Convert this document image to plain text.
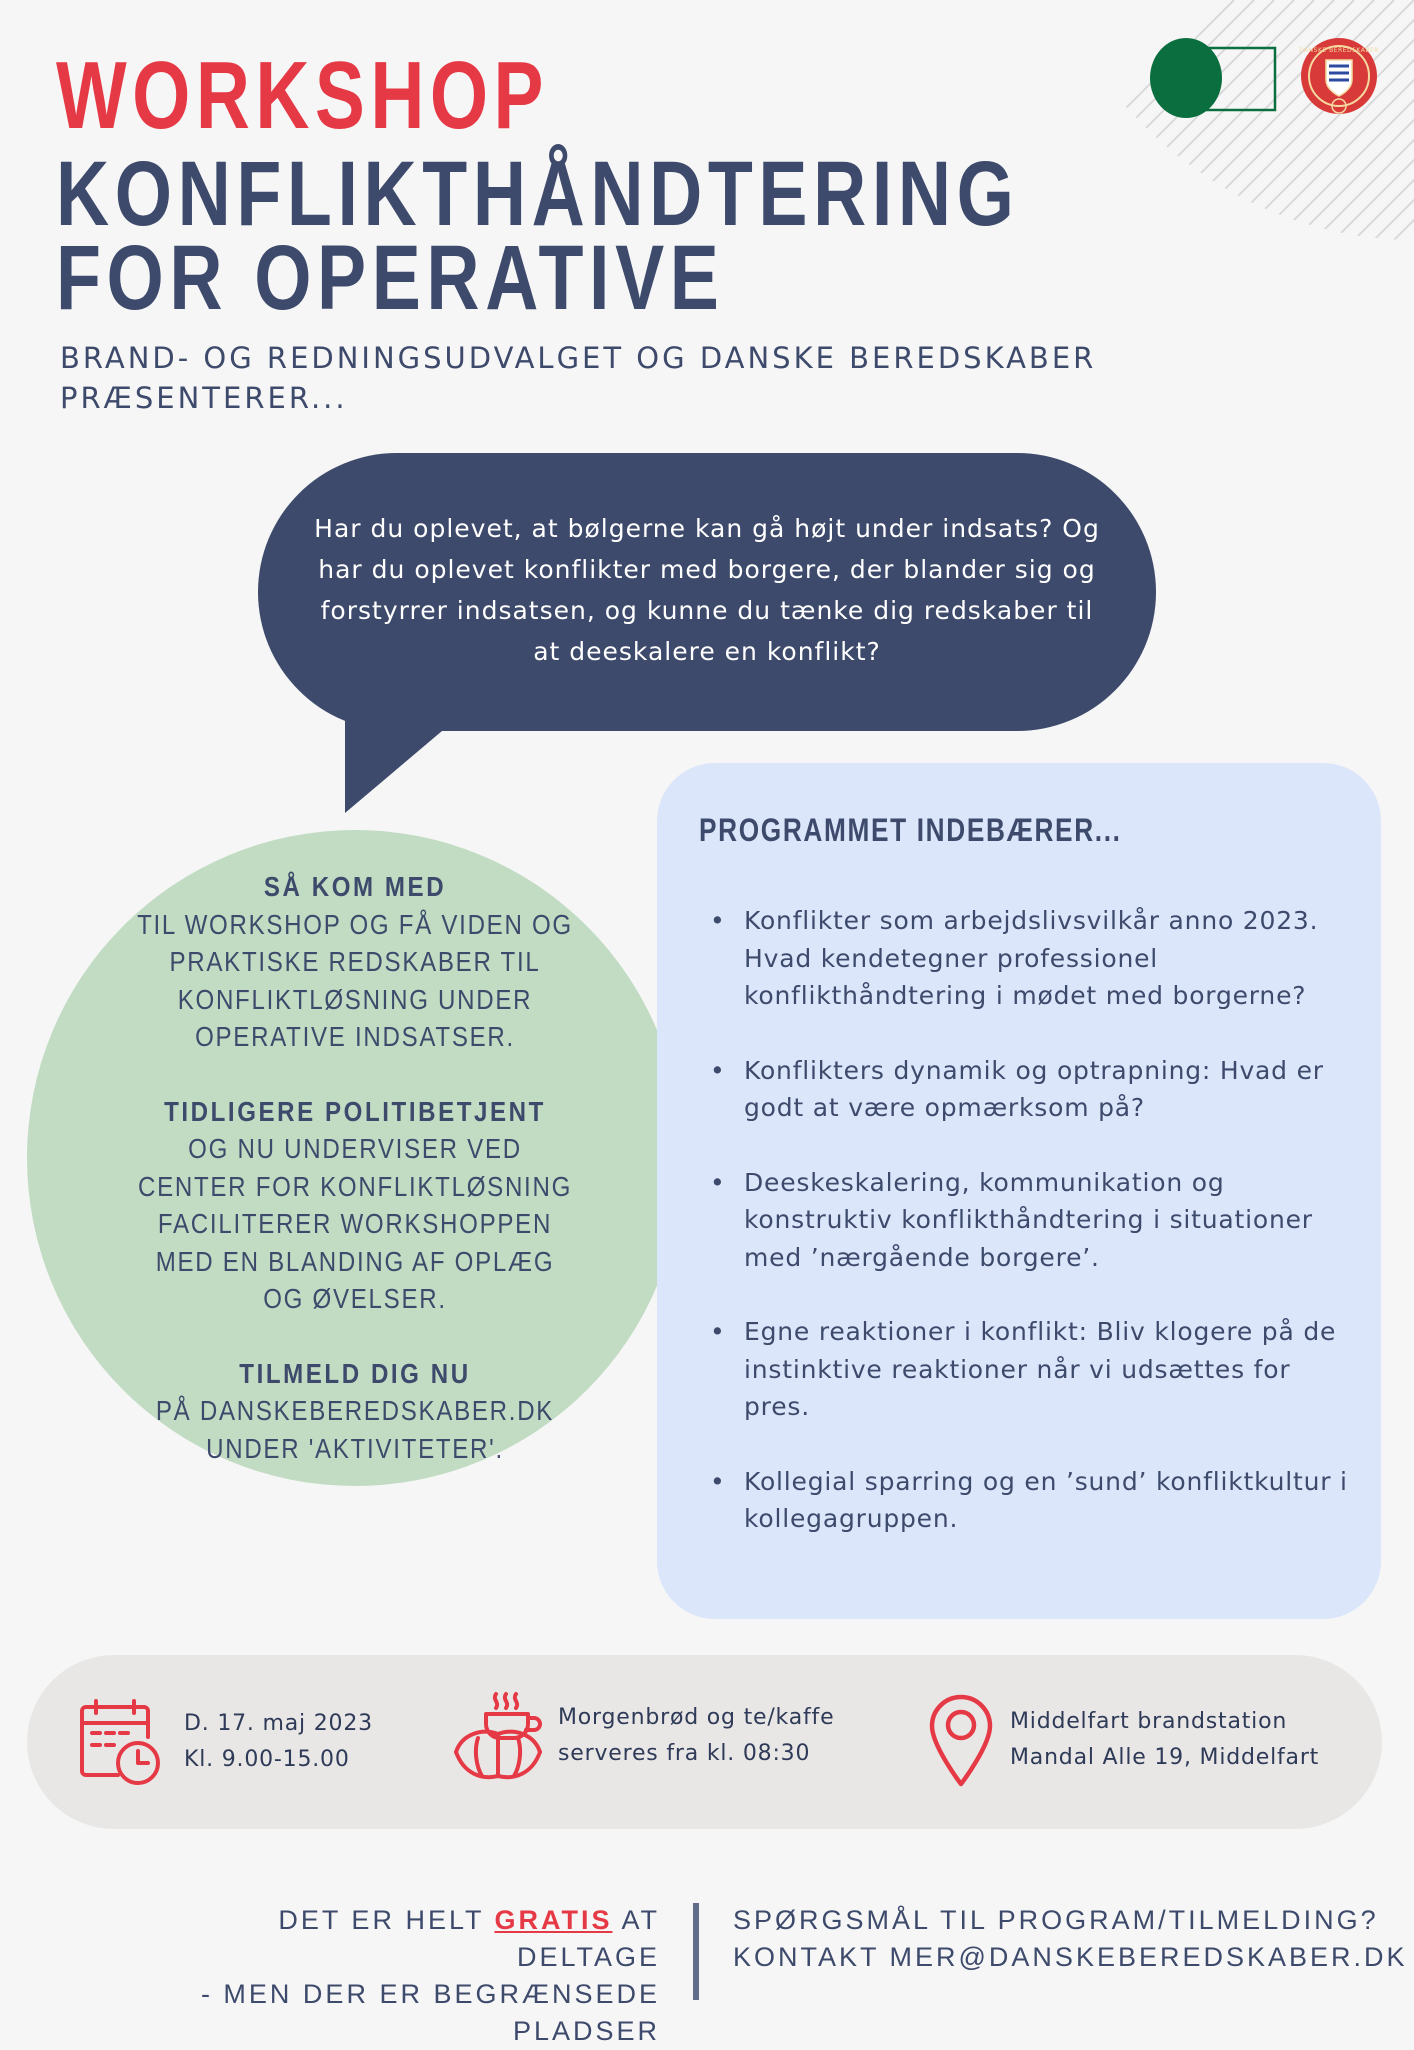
DANSKE BEREDSKABER
WORKSHOP
KONFLIKTHÅNDTERING
FOR OPERATIVE
BRAND- OG REDNINGSUDVALGET OG DANSKE BEREDSKABER PRÆSENTERER...
Har du oplevet, at bølgerne kan gå højt under indsats? Og har du oplevet konflikter med borgere, der blander sig og forstyrrer indsatsen, og kunne du tænke dig redskaber til at deeskalere en konflikt?
SÅ KOM MED
TIL WORKSHOP OG FÅ VIDEN OG PRAKTISKE REDSKABER TIL KONFLIKTLØSNING UNDER OPERATIVE INDSATSER.
TIDLIGERE POLITIBETJENT
OG NU UNDERVISER VED CENTER FOR KONFLIKTLØSNING FACILITERER WORKSHOPPEN MED EN BLANDING AF OPLÆG OG ØVELSER.
TILMELD DIG NU
PÅ DANSKEBEREDSKABER.DK UNDER 'AKTIVITETER'.
PROGRAMMET INDEBÆRER...
• Konflikter som arbejdslivsvilkår anno 2023. Hvad kendetegner professionel konflikthåndtering i mødet med borgerne?
• Konflikters dynamik og optrapning: Hvad er godt at være opmærksom på?
• Deeskeskalering, kommunikation og konstruktiv konflikthåndtering i situationer med ’nærgående borgere’.
• Egne reaktioner i konflikt: Bliv klogere på de instinktive reaktioner når vi udsættes for pres.
• Kollegial sparring og en ’sund’ konfliktkultur i kollegagruppen.
D. 17. maj 2023
Kl. 9.00-15.00
Morgenbrød og te/kaffe
serveres fra kl. 08:30
Middelfart brandstation
Mandal Alle 19, Middelfart
DET ER HELT GRATIS AT DELTAGE
- MEN DER ER BEGRÆNSEDE PLADSER
SPØRGSMÅL TIL PROGRAM/TILMELDING?
KONTAKT MER@DANSKEBEREDSKABER.DK
